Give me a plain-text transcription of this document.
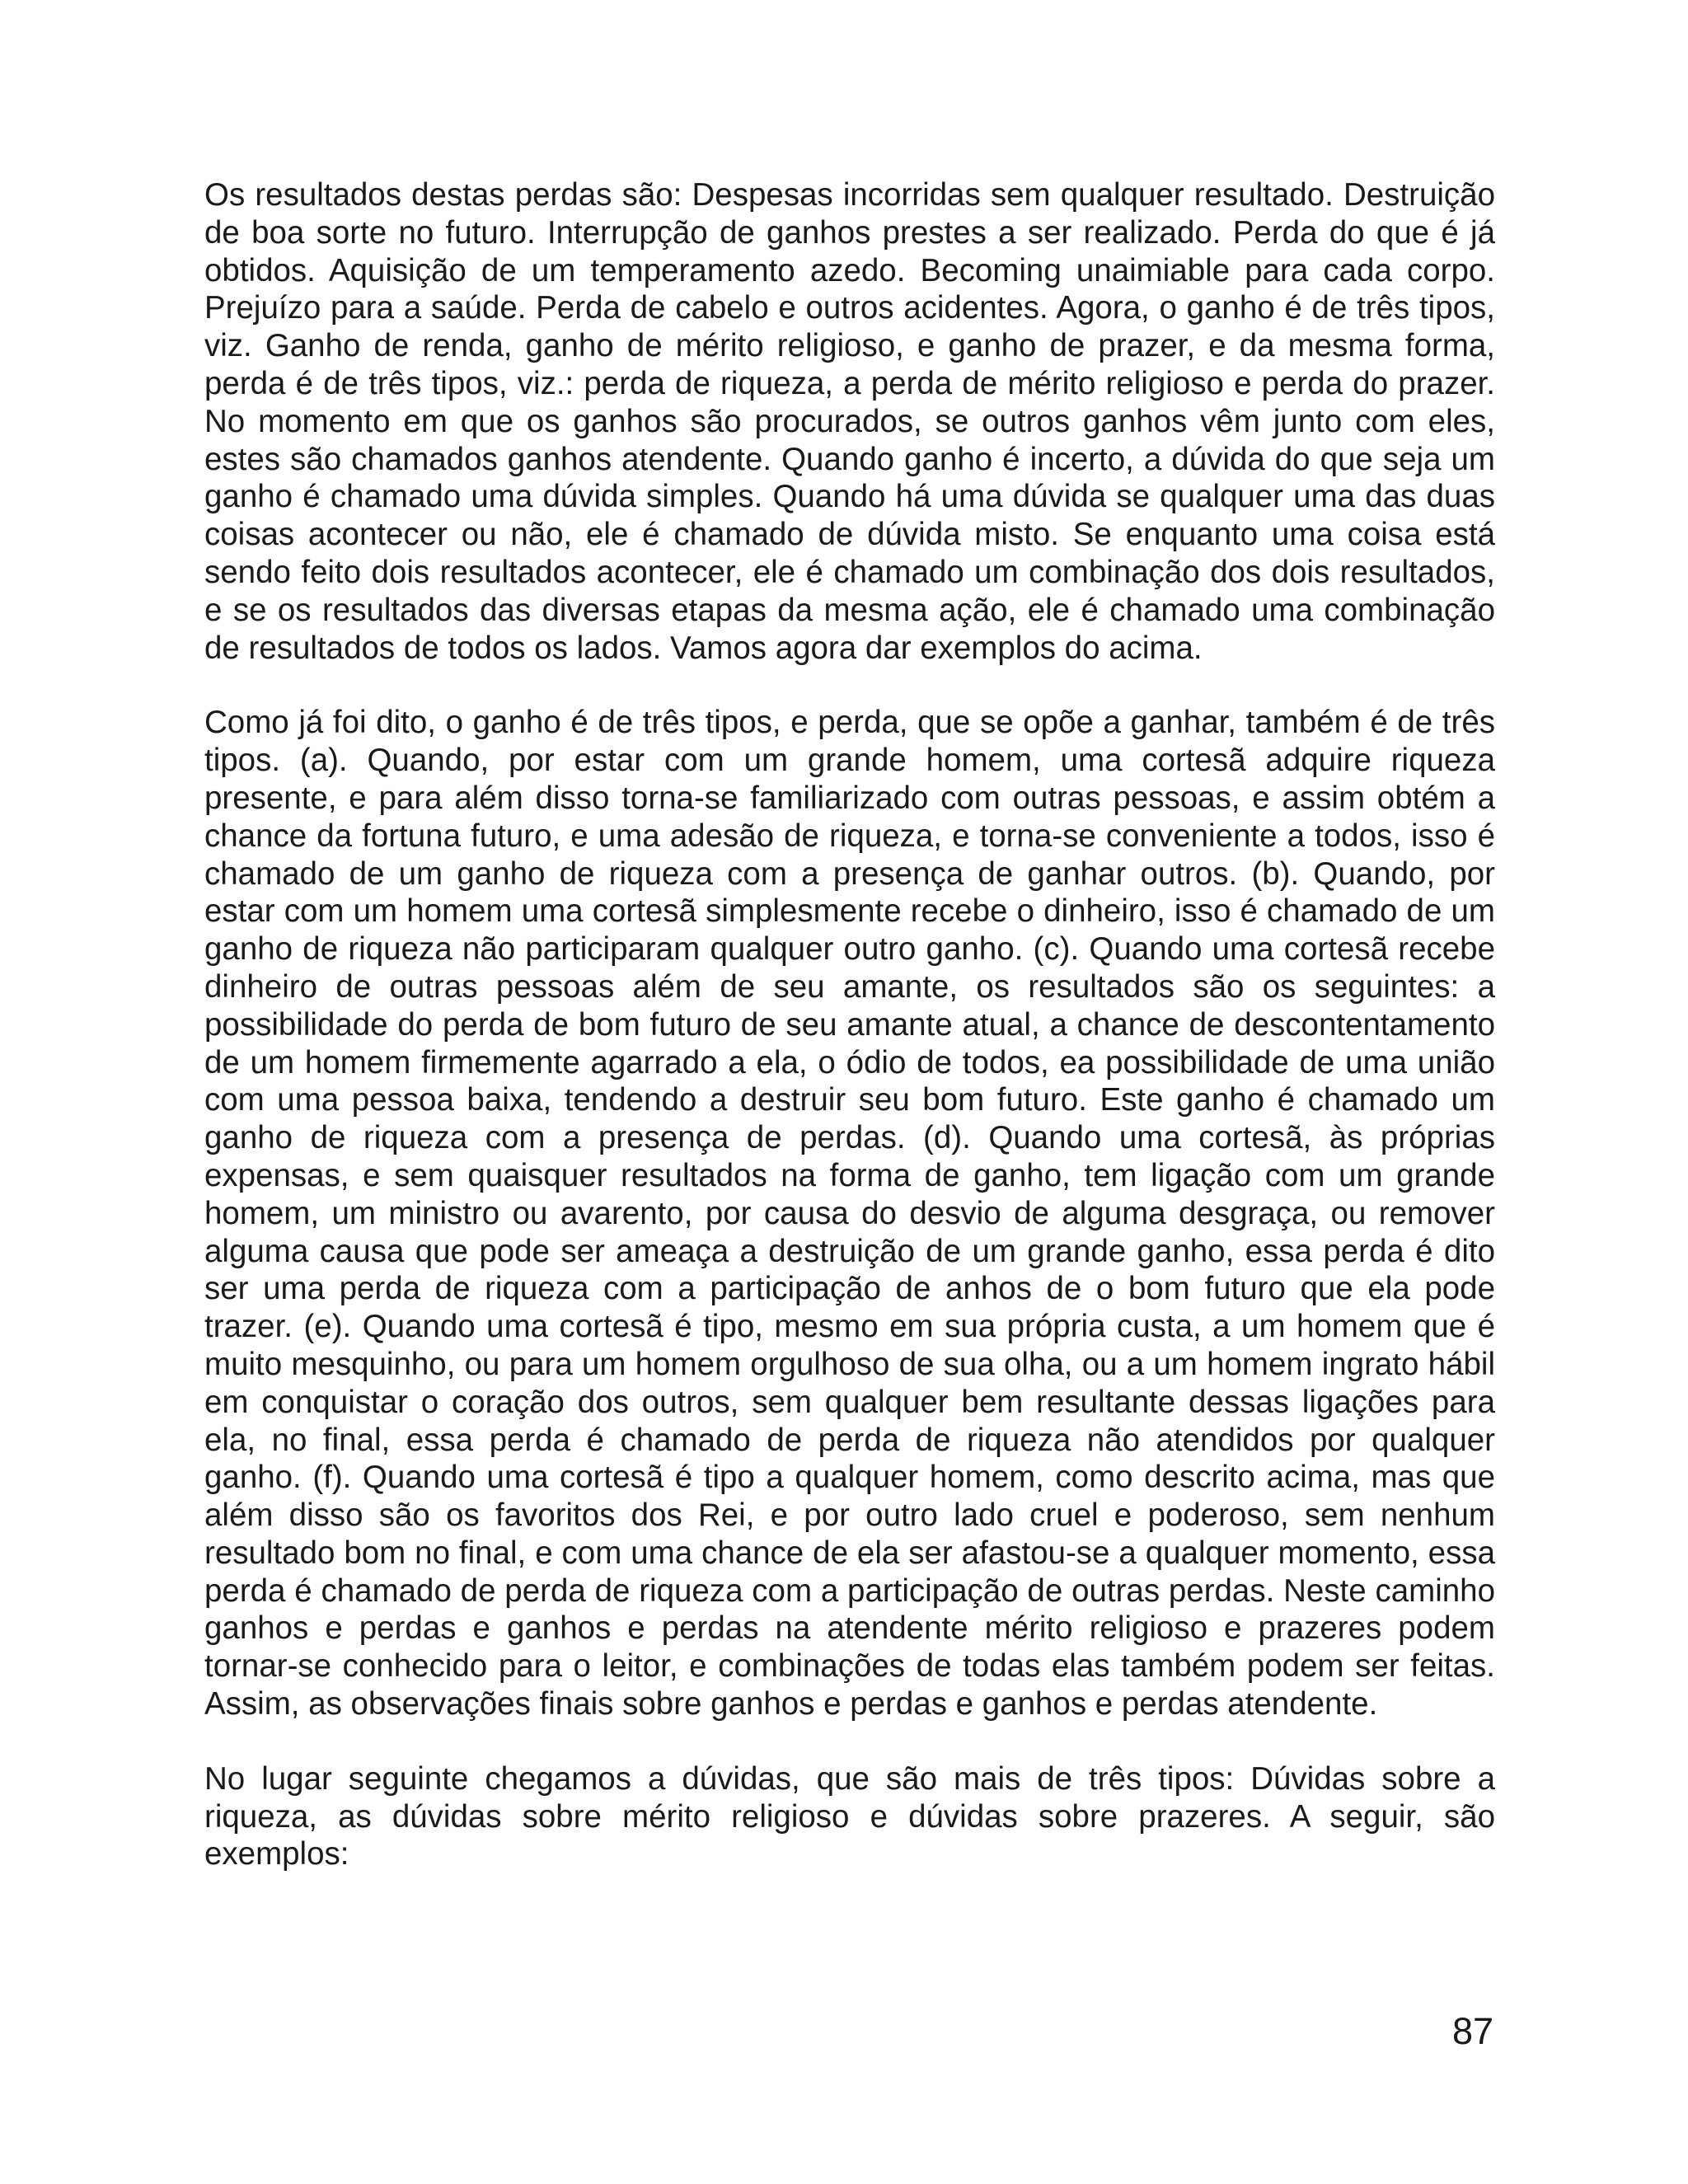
Os resultados destas perdas são: Despesas incorridas sem qualquer resultado. Destruição de boa sorte no futuro. Interrupção de ganhos prestes a ser realizado. Perda do que é já obtidos. Aquisição de um temperamento azedo. Becoming unaimiable para cada corpo. Prejuízo para a saúde. Perda de cabelo e outros acidentes. Agora, o ganho é de três tipos, viz. Ganho de renda, ganho de mérito religioso, e ganho de prazer, e da mesma forma, perda é de três tipos, viz.: perda de riqueza, a perda de mérito religioso e perda do prazer. No momento em que os ganhos são procurados, se outros ganhos vêm junto com eles, estes são chamados ganhos atendente. Quando ganho é incerto, a dúvida do que seja um ganho é chamado uma dúvida simples. Quando há uma dúvida se qualquer uma das duas coisas acontecer ou não, ele é chamado de dúvida misto. Se enquanto uma coisa está sendo feito dois resultados acontecer, ele é chamado um combinação dos dois resultados, e se os resultados das diversas etapas da mesma ação, ele é chamado uma combinação de resultados de todos os lados. Vamos agora dar exemplos do acima.

Como já foi dito, o ganho é de três tipos, e perda, que se opõe a ganhar, também é de três tipos. (a). Quando, por estar com um grande homem, uma cortesã adquire riqueza presente, e para além disso torna-se familiarizado com outras pessoas, e assim obtém a chance da fortuna futuro, e uma adesão de riqueza, e torna-se conveniente a todos, isso é chamado de um ganho de riqueza com a presença de ganhar outros. (b). Quando, por estar com um homem uma cortesã simplesmente recebe o dinheiro, isso é chamado de um ganho de riqueza não participaram qualquer outro ganho. (c). Quando uma cortesã recebe dinheiro de outras pessoas além de seu amante, os resultados são os seguintes: a possibilidade do perda de bom futuro de seu amante atual, a chance de descontentamento de um homem firmemente agarrado a ela, o ódio de todos, ea possibilidade de uma união com uma pessoa baixa, tendendo a destruir seu bom futuro. Este ganho é chamado um ganho de riqueza com a presença de perdas. (d). Quando uma cortesã, às próprias expensas, e sem quaisquer resultados na forma de ganho, tem ligação com um grande homem, um ministro ou avarento, por causa do desvio de alguma desgraça, ou remover alguma causa que pode ser ameaça a destruição de um grande ganho, essa perda é dito ser uma perda de riqueza com a participação de anhos de o bom futuro que ela pode trazer. (e). Quando uma cortesã é tipo, mesmo em sua própria custa, a um homem que é muito mesquinho, ou para um homem orgulhoso de sua olha, ou a um homem ingrato hábil em conquistar o coração dos outros, sem qualquer bem resultante dessas ligações para ela, no final, essa perda é chamado de perda de riqueza não atendidos por qualquer ganho. (f). Quando uma cortesã é tipo a qualquer homem, como descrito acima, mas que além disso são os favoritos dos Rei, e por outro lado cruel e poderoso, sem nenhum resultado bom no final, e com uma chance de ela ser afastou-se a qualquer momento, essa perda é chamado de perda de riqueza com a participação de outras perdas. Neste caminho ganhos e perdas e ganhos e perdas na atendente mérito religioso e prazeres podem tornar-se conhecido para o leitor, e combinações de todas elas também podem ser feitas. Assim, as observações finais sobre ganhos e perdas e ganhos e perdas atendente.

No lugar seguinte chegamos a dúvidas, que são mais de três tipos: Dúvidas sobre a riqueza, as dúvidas sobre mérito religioso e dúvidas sobre prazeres. A seguir, são exemplos:

87
